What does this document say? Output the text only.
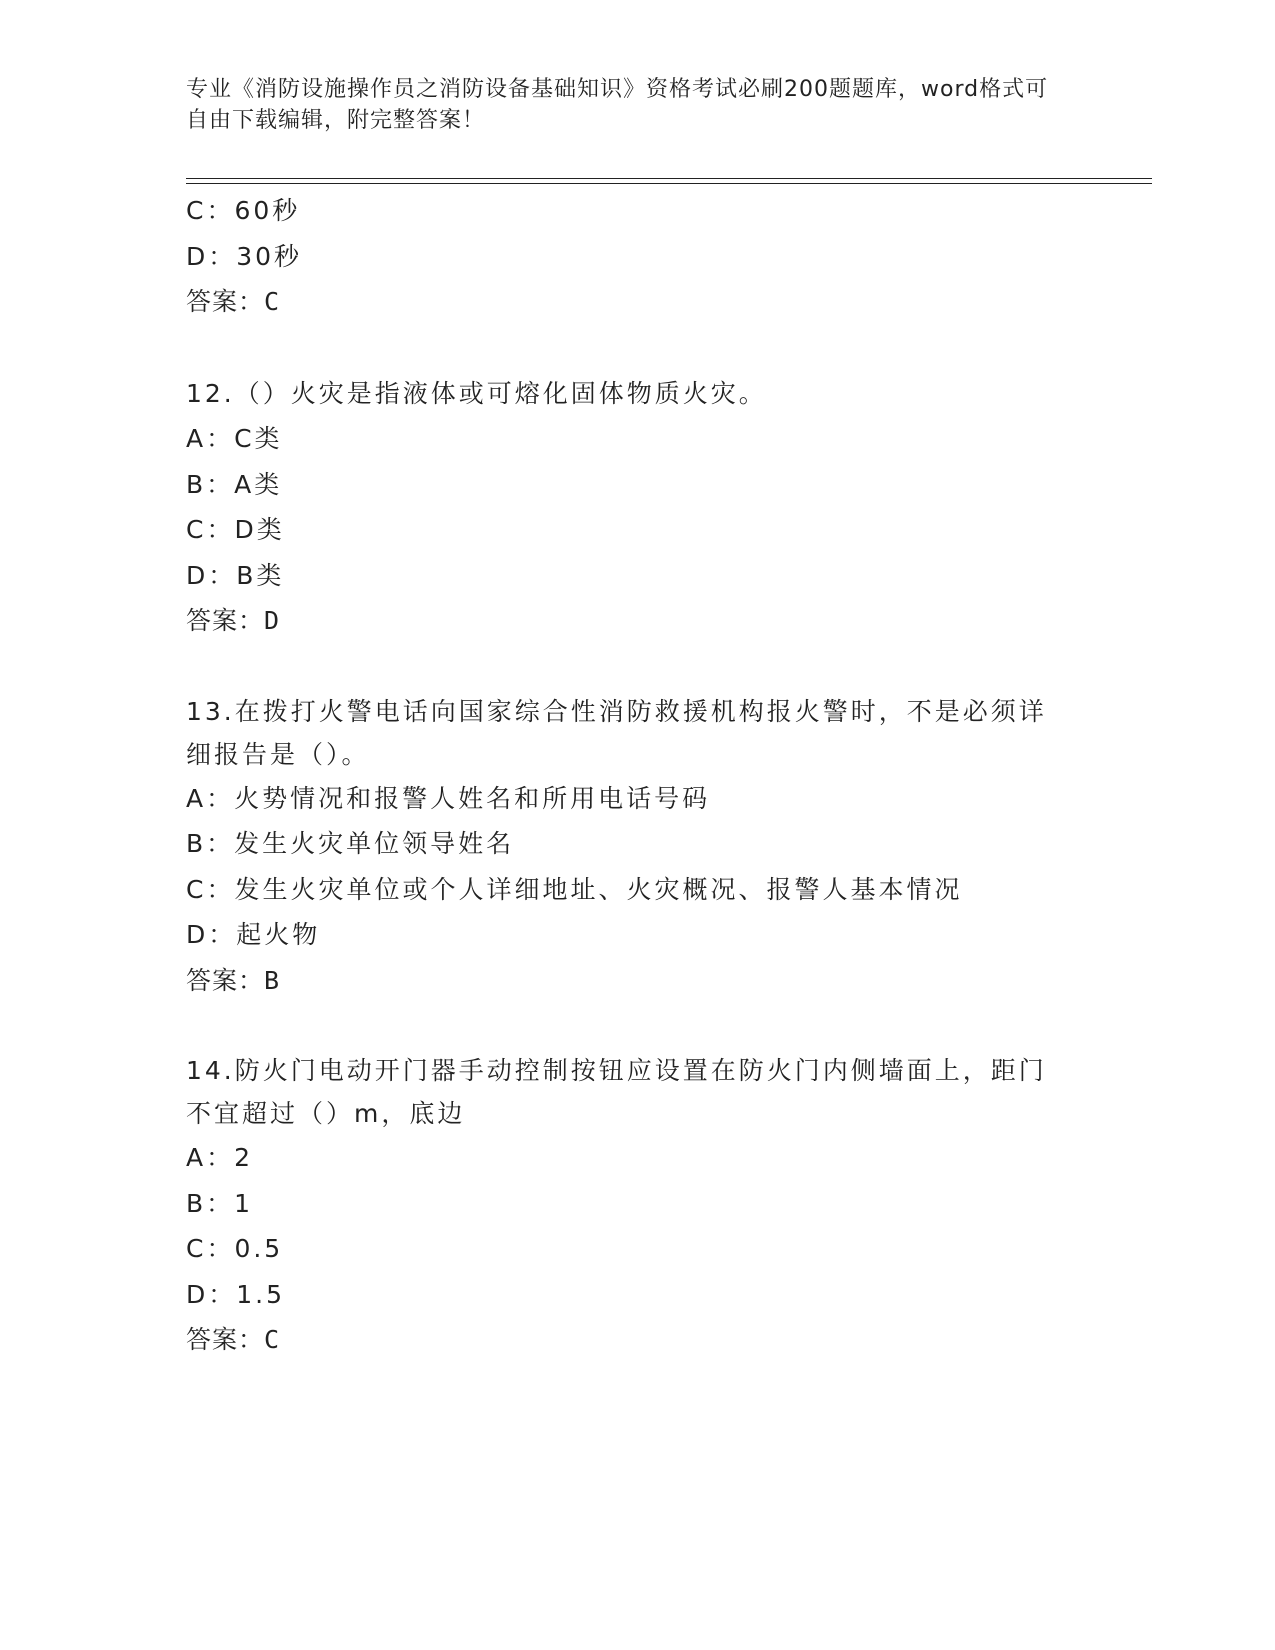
专业《消防设施操作员之消防设备基础知识》资格考试必刷200题题库，word格式可自由下载编辑，附完整答案！
C：60秒
D：30秒
答案：C
12.（）火灾是指液体或可熔化固体物质火灾。
A：C类
B：A类
C：D类
D：B类
答案：D
13.在拨打火警电话向国家综合性消防救援机构报火警时，不是必须详细报告是（）。
A：火势情况和报警人姓名和所用电话号码
B：发生火灾单位领导姓名
C：发生火灾单位或个人详细地址、火灾概况、报警人基本情况
D：起火物
答案：B
14.防火门电动开门器手动控制按钮应设置在防火门内侧墙面上，距门不宜超过（）m，底边
A：2
B：1
C：0.5
D：1.5
答案：C
